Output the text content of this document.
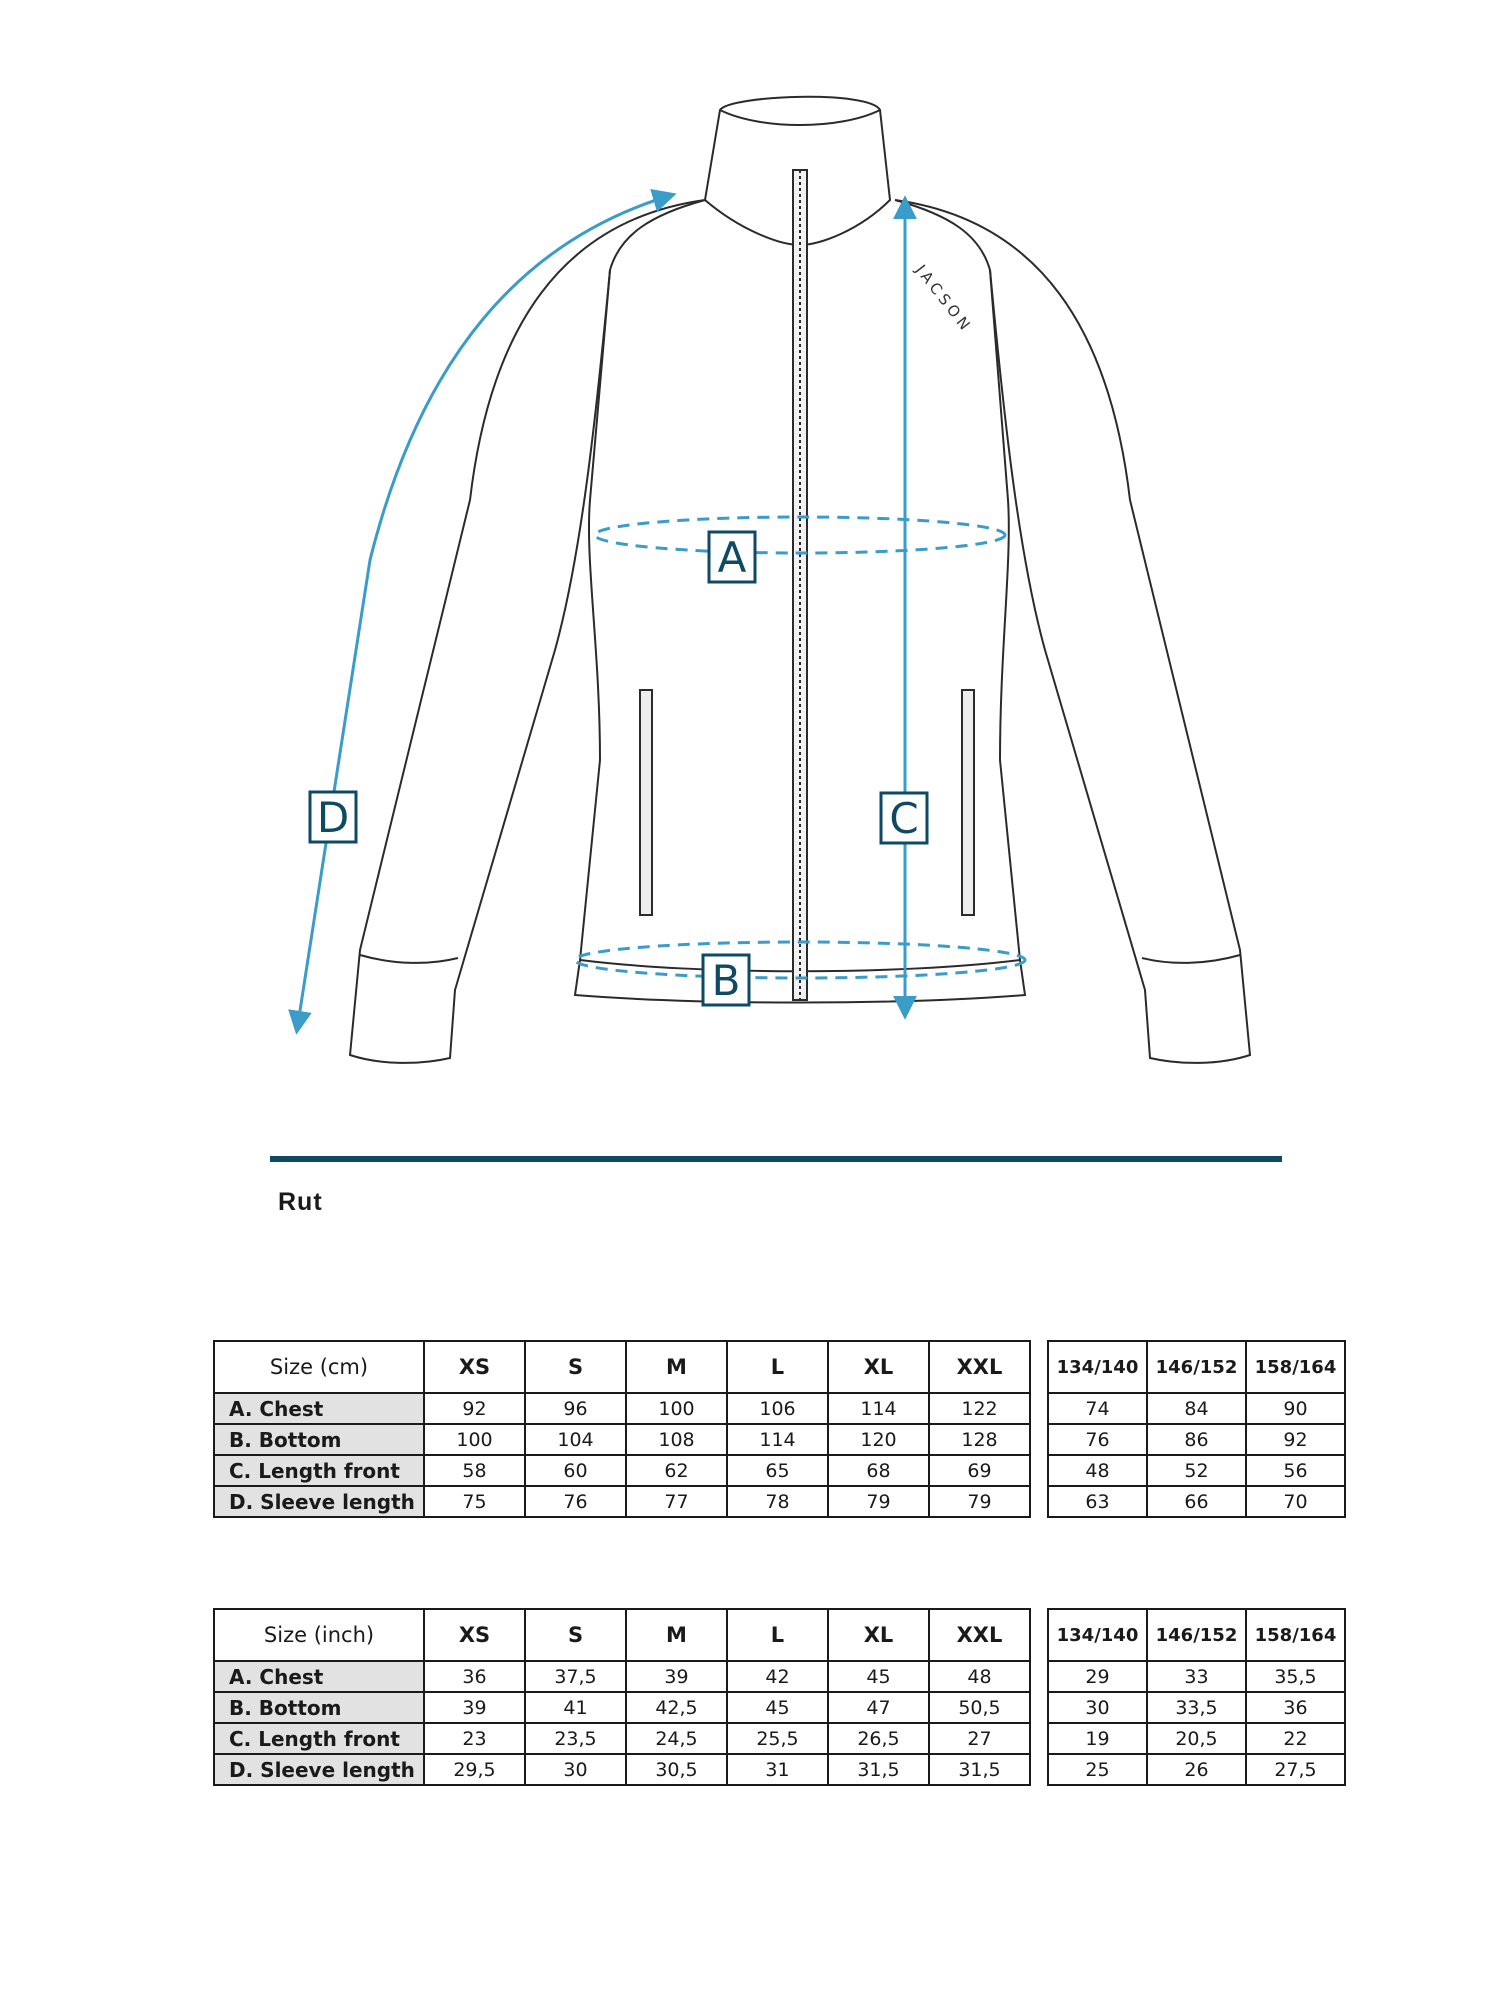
JACSON
A
B
C
D
Rut
Size (cm)	XS	S	M	L	XL	XXL
A. Chest	92	96	100	106	114	122
B. Bottom	100	104	108	114	120	128
C. Length front	58	60	62	65	68	69
D. Sleeve length	75	76	77	78	79	79
134/140	146/152	158/164
74	84	90
76	86	92
48	52	56
63	66	70
Size (inch)	XS	S	M	L	XL	XXL
A. Chest	36	37,5	39	42	45	48
B. Bottom	39	41	42,5	45	47	50,5
C. Length front	23	23,5	24,5	25,5	26,5	27
D. Sleeve length	29,5	30	30,5	31	31,5	31,5
134/140	146/152	158/164
29	33	35,5
30	33,5	36
19	20,5	22
25	26	27,5
